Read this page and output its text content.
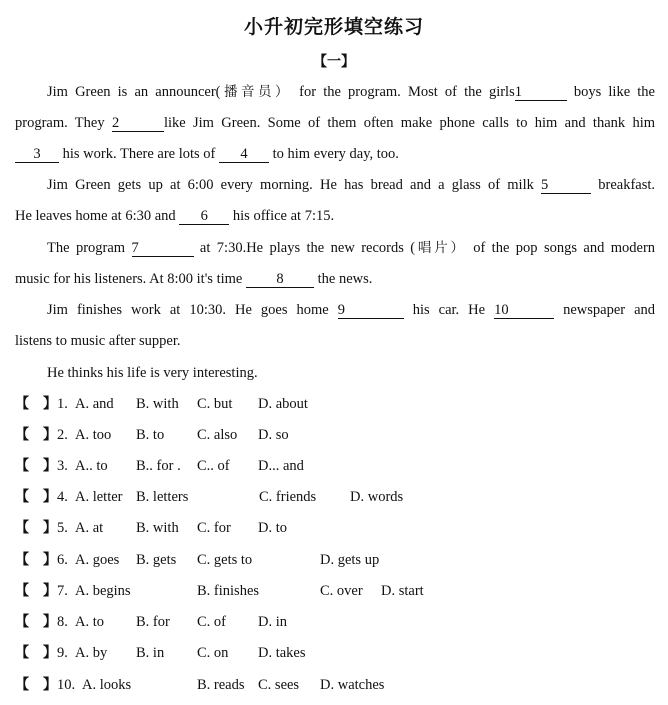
小升初完形填空练习
【一】
Jim Green is an announcer(播音员） for the program. Most of the girls1	boys like the
program. They 2	like Jim Green. Some of them often make phone calls to him and thank him
3 his work. There are lots of 4 to him every day, too.
Jim Green gets up at 6:00 every morning. He has bread and a glass of milk 5	breakfast.
He leaves home at 6:30 and 6 his office at 7:15.
The program 7	at 7:30.He plays the new records (唱片） of the pop songs and modern
music for his listeners. At 8:00 it's time 8 the news.
Jim finishes work at 10:30. He goes home 9	his car. He 10	newspaper and
listens to music after supper.
He thinks his life is very interesting.
【　】 1. A. and B. with C. but D. about
【　】 2. A. too B. to C. also D. so
【　】 3. A.. to B.. for . C.. of D... and
【　】 4. A. letter B. letters	C. friends D. words
【　】 5. A. at B. with C. for D. to
【　】 6. A. goes B. gets C. gets to	D. gets up
【　】 7. A. begins	B. finishes	C. over D. start
【　】 8. A. to B. for C. of D. in
【　】 9. A. by B. in C. on D. takes
【　】 10. A. looks	B. reads C. sees D. watches
